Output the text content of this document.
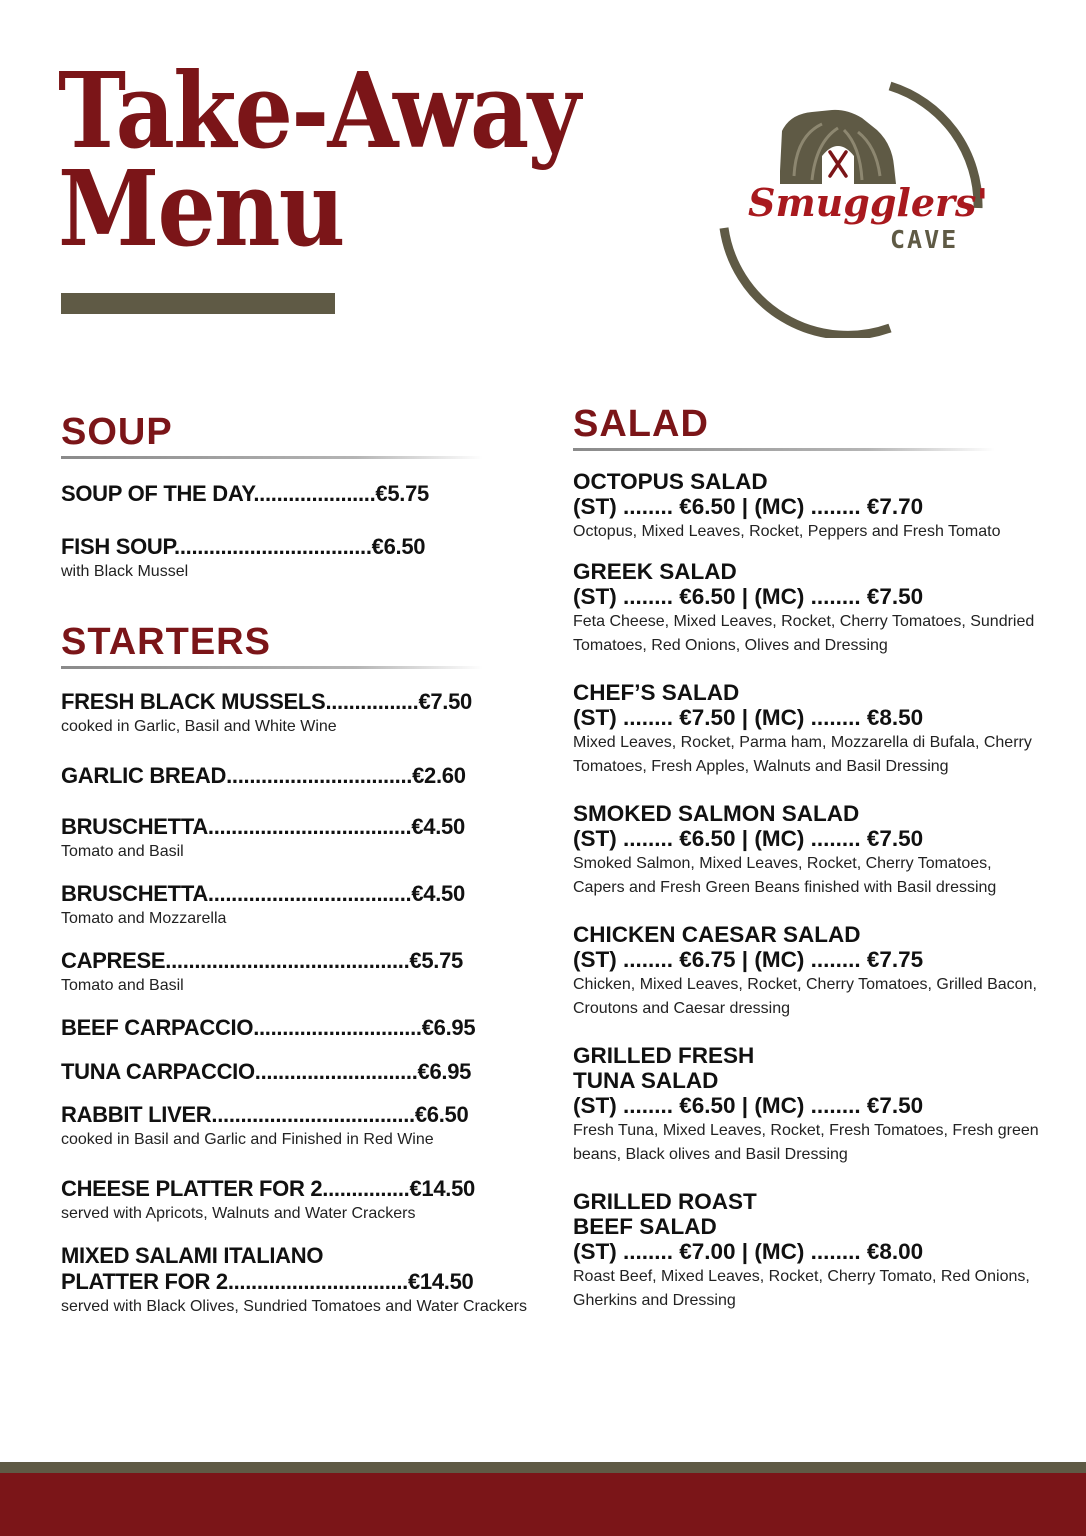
Take-Away
Menu	Smugglers'
CAVE
SOUP
SOUP OF THE DAY.....................€5.75
FISH SOUP..................................€6.50
with Black Mussel
STARTERS
FRESH BLACK MUSSELS................€7.50
cooked in Garlic, Basil and White Wine
GARLIC BREAD................................€2.60
BRUSCHETTA...................................€4.50
Tomato and Basil
BRUSCHETTA...................................€4.50
Tomato and Mozzarella
CAPRESE..........................................€5.75
Tomato and Basil
BEEF CARPACCIO.............................€6.95
TUNA CARPACCIO............................€6.95
RABBIT LIVER...................................€6.50
cooked in Basil and Garlic and Finished in Red Wine
CHEESE PLATTER FOR 2...............€14.50
served with Apricots, Walnuts and Water Crackers
MIXED SALAMI ITALIANO
PLATTER FOR 2...............................€14.50
served with Black Olives, Sundried Tomatoes and Water Crackers
SALAD
OCTOPUS SALAD
(ST) ........ €6.50 | (MC) ........ €7.70
Octopus, Mixed Leaves, Rocket, Peppers and Fresh Tomato
GREEK SALAD
(ST) ........ €6.50 | (MC) ........ €7.50
Feta Cheese, Mixed Leaves, Rocket, Cherry Tomatoes, Sundried Tomatoes, Red Onions, Olives and Dressing
CHEF’S SALAD
(ST) ........ €7.50 | (MC) ........ €8.50
Mixed Leaves, Rocket, Parma ham, Mozzarella di Bufala, Cherry Tomatoes, Fresh Apples, Walnuts and Basil Dressing
SMOKED SALMON SALAD
(ST) ........ €6.50 | (MC) ........ €7.50
Smoked Salmon, Mixed Leaves, Rocket, Cherry Tomatoes, Capers and Fresh Green Beans finished with Basil dressing
CHICKEN CAESAR SALAD
(ST) ........ €6.75 | (MC) ........ €7.75
Chicken, Mixed Leaves, Rocket, Cherry Tomatoes, Grilled Bacon, Croutons and Caesar dressing
GRILLED FRESH
TUNA SALAD
(ST) ........ €6.50 | (MC) ........ €7.50
Fresh Tuna, Mixed Leaves, Rocket, Fresh Tomatoes, Fresh green beans, Black olives and Basil Dressing
GRILLED ROAST
BEEF SALAD
(ST) ........ €7.00 | (MC) ........ €8.00
Roast Beef, Mixed Leaves, Rocket, Cherry Tomato, Red Onions, Gherkins and Dressing
